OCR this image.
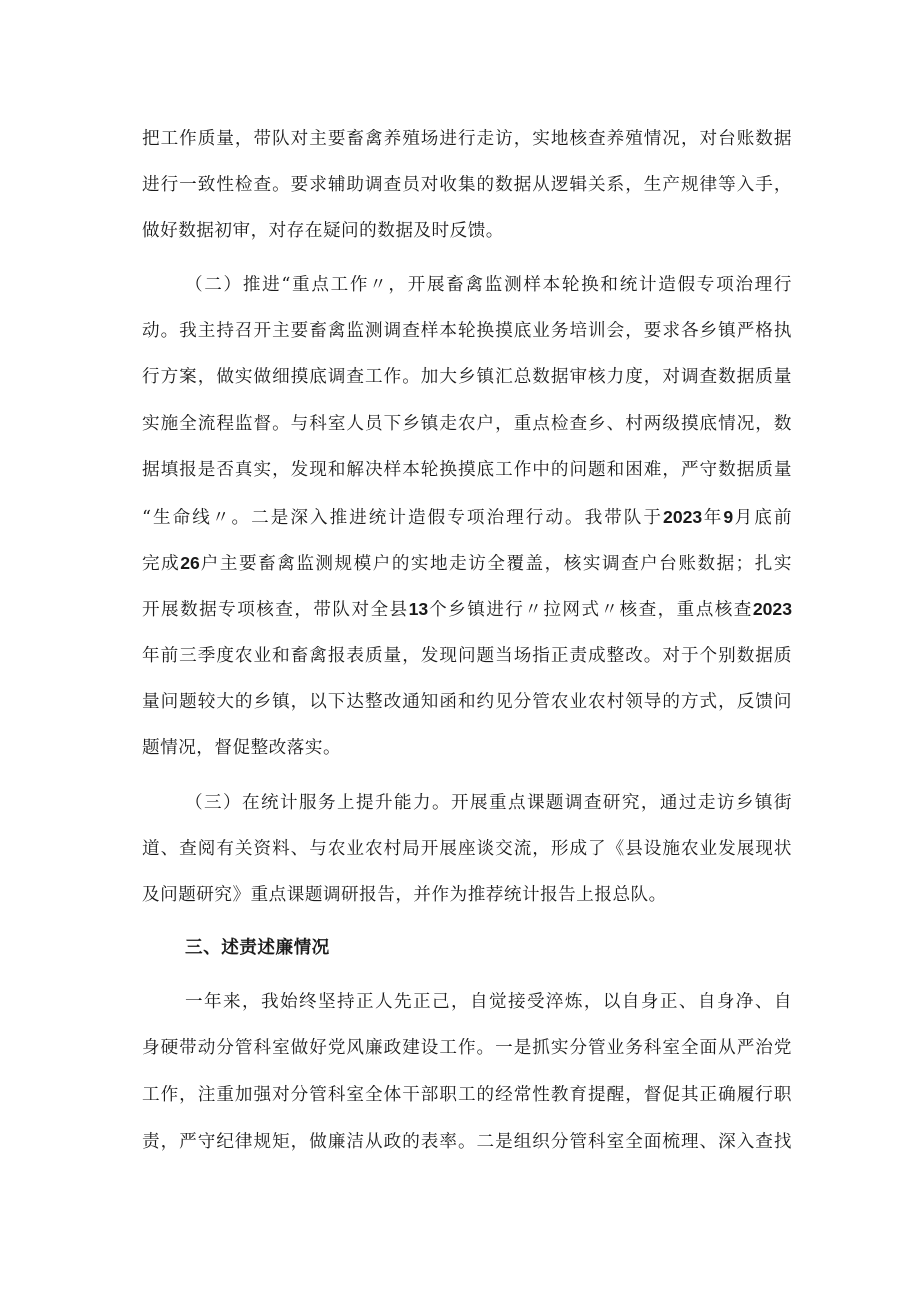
把工作质量，带队对主要畜禽养殖场进行走访，实地核查养殖情况，对台账数据
进行一致性检查。要求辅助调查员对收集的数据从逻辑关系，生产规律等入手，
做好数据初审，对存在疑问的数据及时反馈。
（二）推进“重点工作〃，开展畜禽监测样本轮换和统计造假专项治理行
动。我主持召开主要畜禽监测调查样本轮换摸底业务培训会，要求各乡镇严格执
行方案，做实做细摸底调查工作。加大乡镇汇总数据审核力度，对调查数据质量
实施全流程监督。与科室人员下乡镇走农户，重点检查乡、村两级摸底情况，数
据填报是否真实，发现和解决样本轮换摸底工作中的问题和困难，严守数据质量
“生命线〃。二是深入推进统计造假专项治理行动。我带队于2023年9月底前
完成26户主要畜禽监测规模户的实地走访全覆盖，核实调查户台账数据；扎实
开展数据专项核查，带队对全县13个乡镇进行〃拉网式〃核查，重点核查2023
年前三季度农业和畜禽报表质量，发现问题当场指正责成整改。对于个别数据质
量问题较大的乡镇，以下达整改通知函和约见分管农业农村领导的方式，反馈问
题情况，督促整改落实。
（三）在统计服务上提升能力。开展重点课题调查研究，通过走访乡镇街
道、查阅有关资料、与农业农村局开展座谈交流，形成了《县设施农业发展现状
及问题研究》重点课题调研报告，并作为推荐统计报告上报总队。
三、述责述廉情况
一年来，我始终坚持正人先正己，自觉接受淬炼，以自身正、自身净、自
身硬带动分管科室做好党风廉政建设工作。一是抓实分管业务科室全面从严治党
工作，注重加强对分管科室全体干部职工的经常性教育提醒，督促其正确履行职
责，严守纪律规矩，做廉洁从政的表率。二是组织分管科室全面梳理、深入查找
